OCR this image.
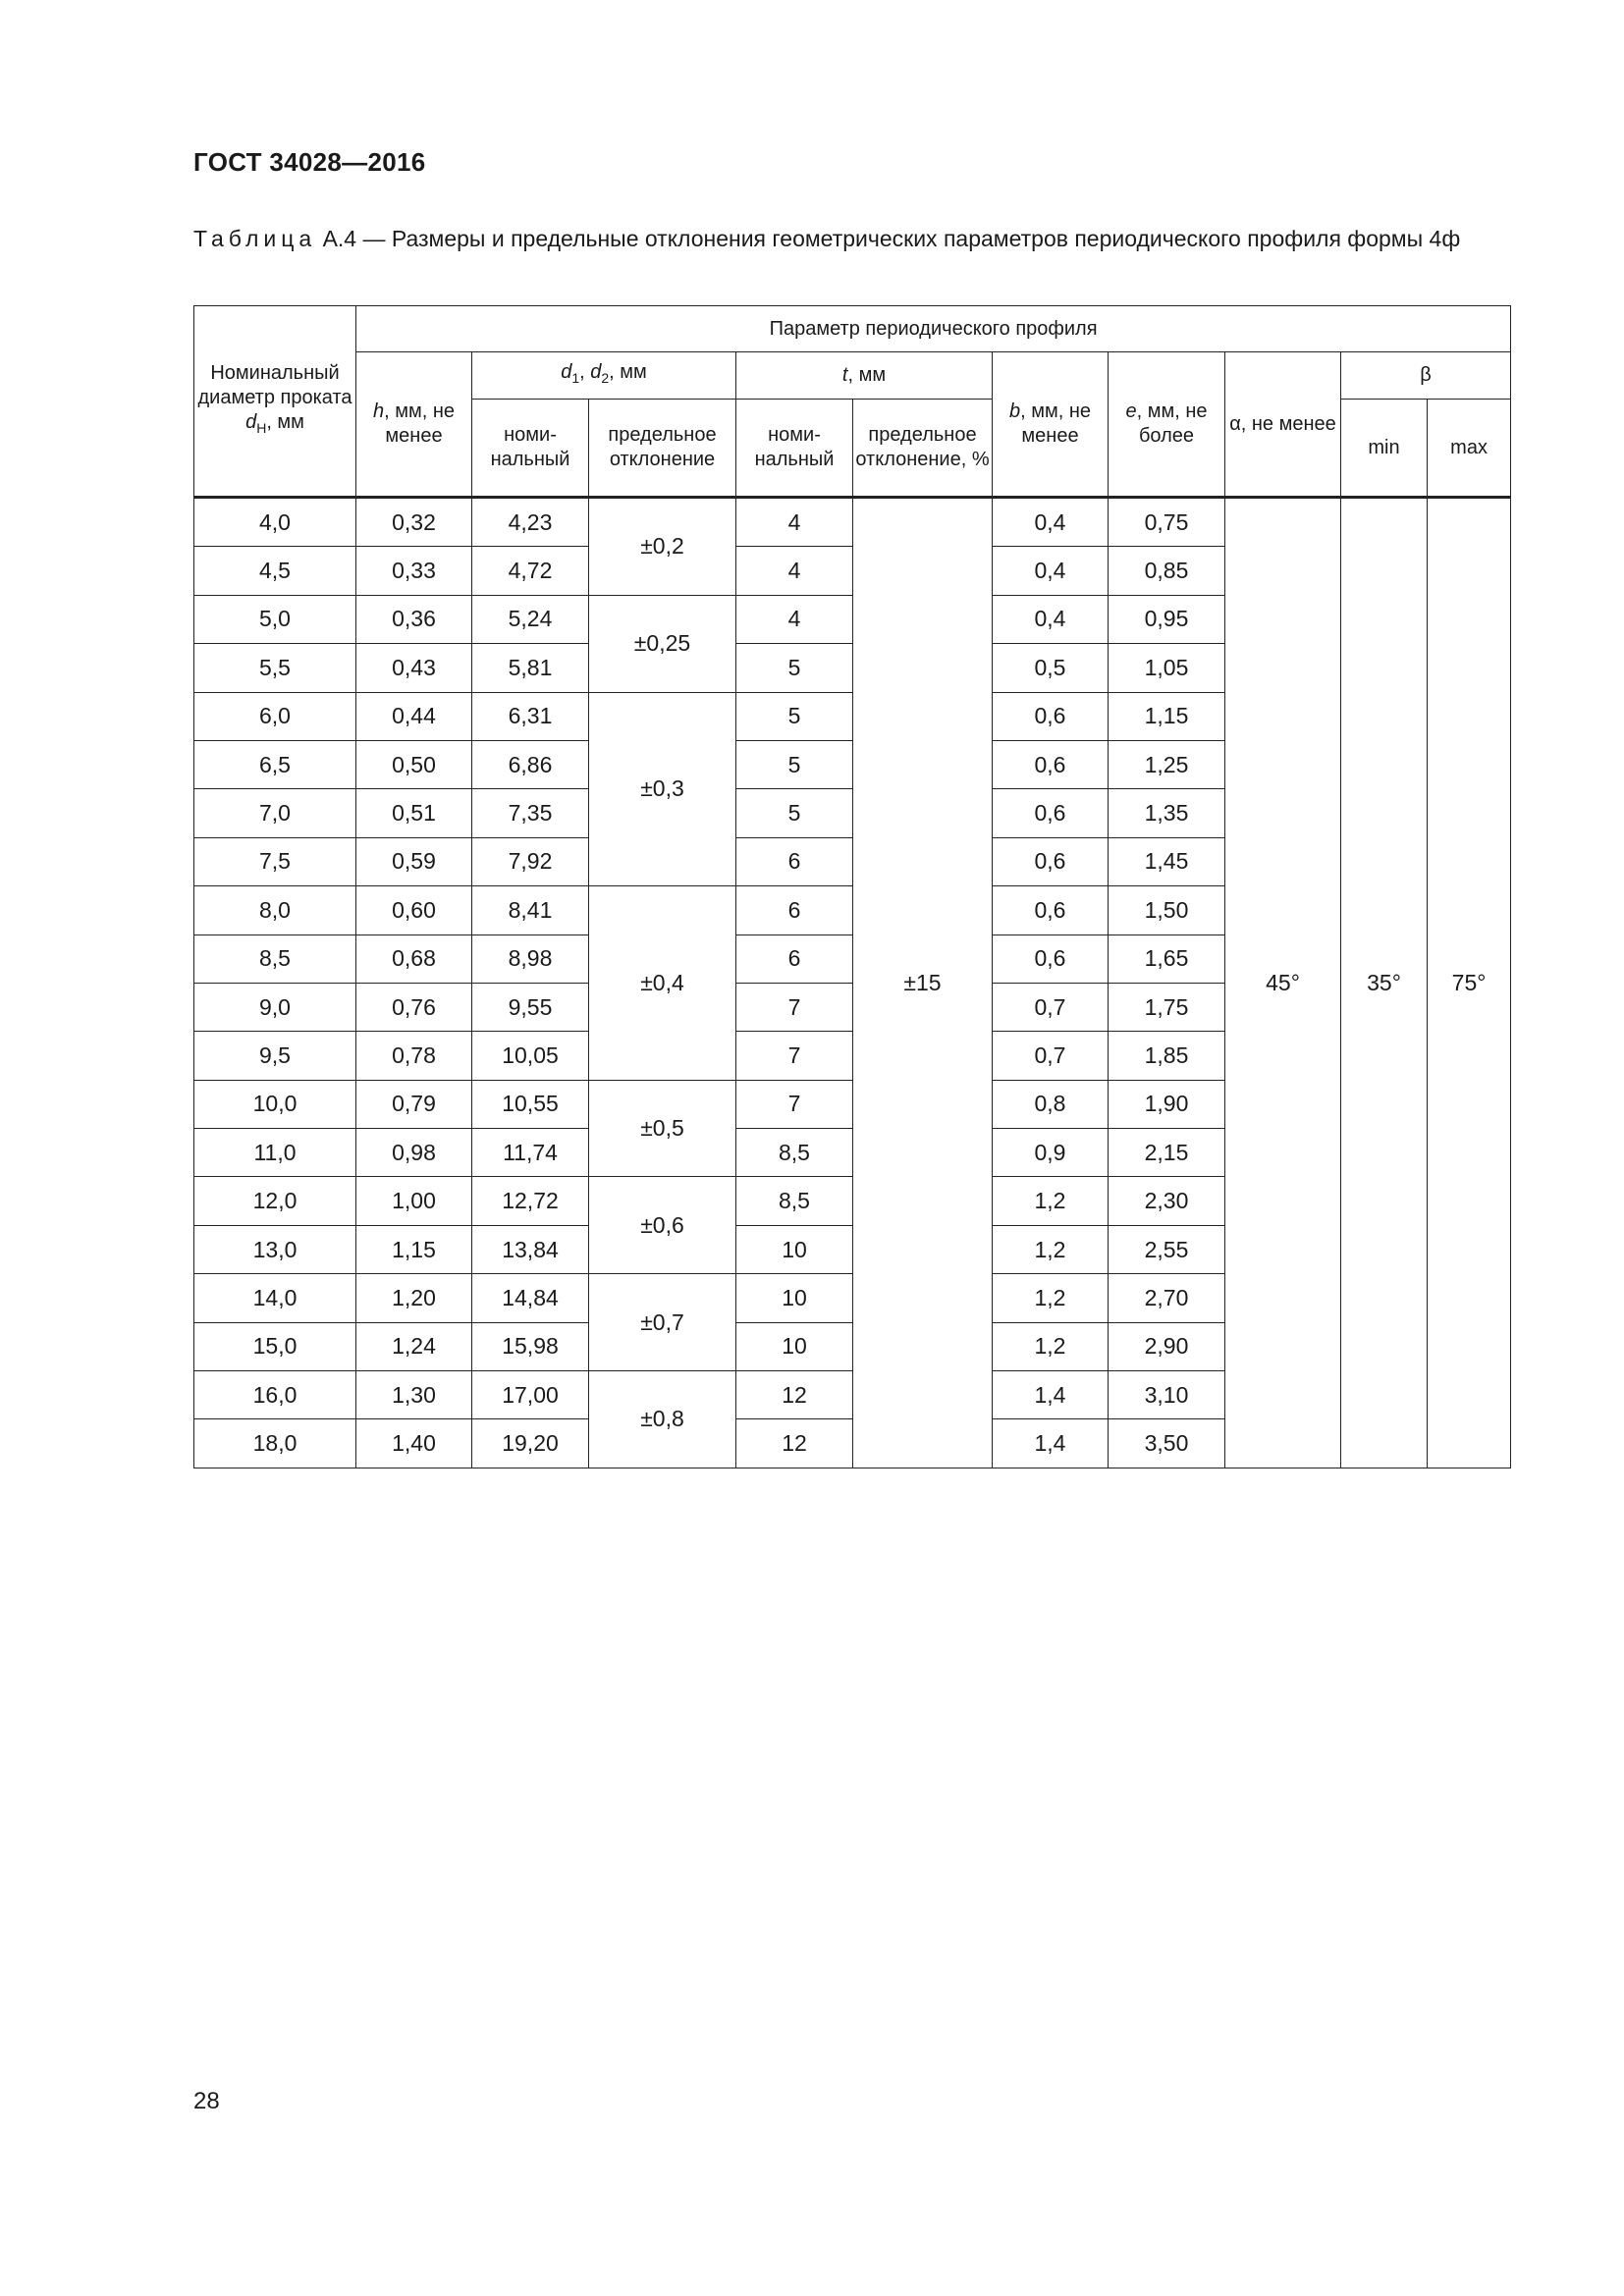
ГОСТ 34028—2016
Таблица А.4 — Размеры и предельные отклонения геометрических параметров периодического профиля формы 4ф
Номинальный диаметр проката $d_Н$, мм	Параметр периодического профиля									
	h, мм, не менее	$d_1$, $d_2$, мм		t, мм		b, мм, не менее	e, мм, не более	α, не менее	β	
		номи-нальный	предельное отклонение	номи-нальный	предельное отклонение, %				min	max
4,0	0,32	4,23	±0,2	4	±15	0,4	0,75	45°	35°	75°
4,5	0,33	4,72		4		0,4	0,85			
5,0	0,36	5,24	±0,25	4		0,4	0,95			
5,5	0,43	5,81		5		0,5	1,05			
6,0	0,44	6,31	±0,3	5		0,6	1,15			
6,5	0,50	6,86		5		0,6	1,25			
7,0	0,51	7,35		5		0,6	1,35			
7,5	0,59	7,92		6		0,6	1,45			
8,0	0,60	8,41	±0,4	6		0,6	1,50			
8,5	0,68	8,98		6		0,6	1,65			
9,0	0,76	9,55		7		0,7	1,75			
9,5	0,78	10,05		7		0,7	1,85			
10,0	0,79	10,55	±0,5	7		0,8	1,90			
11,0	0,98	11,74		8,5		0,9	2,15			
12,0	1,00	12,72	±0,6	8,5		1,2	2,30			
13,0	1,15	13,84		10		1,2	2,55			
14,0	1,20	14,84	±0,7	10		1,2	2,70			
15,0	1,24	15,98		10		1,2	2,90			
16,0	1,30	17,00	±0,8	12		1,4	3,10			
18,0	1,40	19,20		12		1,4	3,50			
28
